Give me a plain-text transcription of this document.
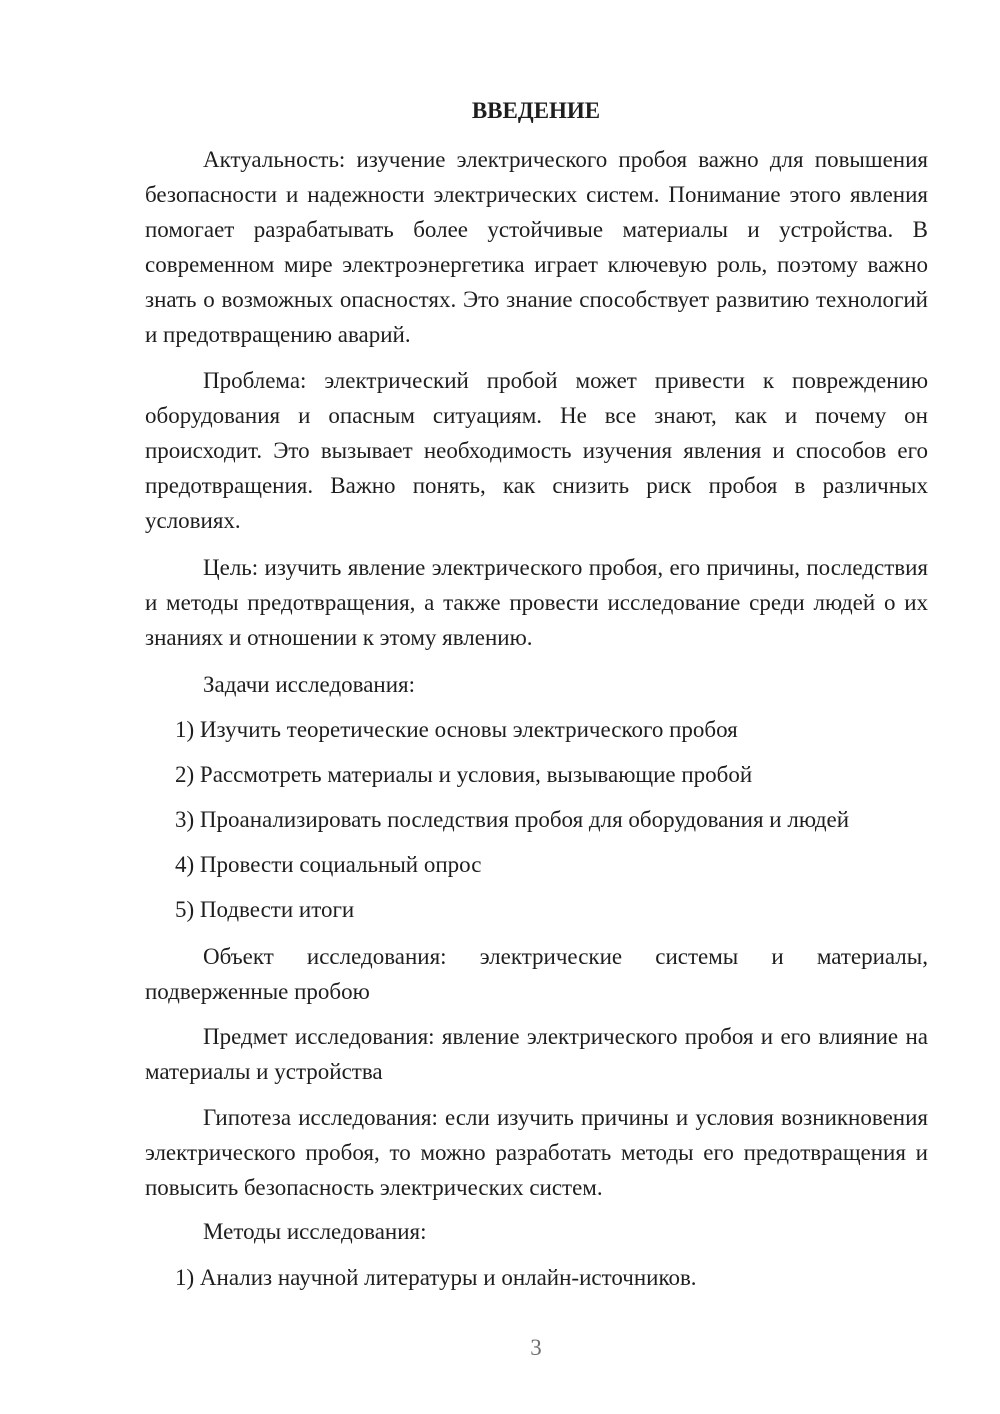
ВВЕДЕНИЕ

Актуальность: изучение электрического пробоя важно для повышения безопасности и надежности электрических систем. Понимание этого явления помогает разрабатывать более устойчивые материалы и устройства. В современном мире электроэнергетика играет ключевую роль, поэтому важно знать о возможных опасностях. Это знание способствует развитию технологий и предотвращению аварий.

Проблема: электрический пробой может привести к повреждению оборудования и опасным ситуациям. Не все знают, как и почему он происходит. Это вызывает необходимость изучения явления и способов его предотвращения. Важно понять, как снизить риск пробоя в различных условиях.

Цель: изучить явление электрического пробоя, его причины, последствия и методы предотвращения, а также провести исследование среди людей о их знаниях и отношении к этому явлению.

Задачи исследования:

1) Изучить теоретические основы электрического пробоя

2) Рассмотреть материалы и условия, вызывающие пробой

3) Проанализировать последствия пробоя для оборудования и людей

4) Провести социальный опрос

5) Подвести итоги

Объект исследования: электрические системы и материалы, подверженные пробою

Предмет исследования: явление электрического пробоя и его влияние на материалы и устройства

Гипотеза исследования: если изучить причины и условия возникновения электрического пробоя, то можно разработать методы его предотвращения и повысить безопасность электрических систем.

Методы исследования:

1) Анализ научной литературы и онлайн-источников.

3
